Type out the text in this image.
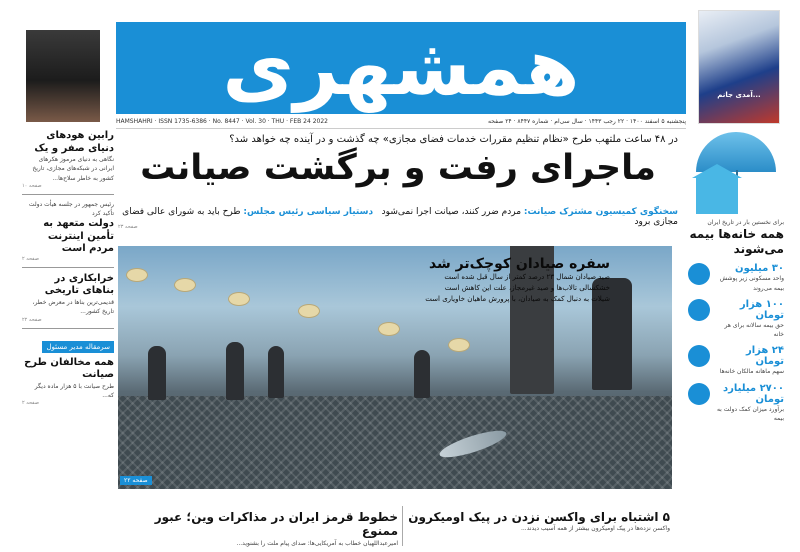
همشهری
HAMSHAHRI · ISSN 1735-6386 · No. 8447 · Vol. 30 · THU · FEB 24 2022	پنجشنبه ۵ اسفند ۱۴۰۰ · ۲۲ رجب ۱۴۴۳ · سال سی‌ام · شماره ۸۴۴۷ · ۲۴ صفحه
آمدی جانم...
رابین هودهای دنیای صفر و یک
نگاهی به دنیای مرموز هکرهای ایرانی در شبکه‌های مجازی، تاریخ کشور به خاطر سلاح‌ها...
صفحه ۱۰
رئیس جمهور در جلسه هیأت دولت تأکید کرد
دولت متعهد به تأمین اینترنت مردم است
صفحه ۲
خرابکاری در بناهای تاریخی
قدیمی‌ترین بناها در معرض خطر، تاریخ کشور...
صفحه ۲۲
سرمقاله مدیر مسئول
همه مخالفان طرح صیانت
طرح صیانت با ۵ هزار ماده دیگر که...
صفحه ۲
در ۴۸ ساعت ملتهب طرح «نظام تنظیم مقررات خدمات فضای مجازی» چه گذشت و در آینده چه خواهد شد؟
ماجرای رفت و برگشت صیانت
سخنگوی کمیسیون مشترک صیانت: مردم ضرر کنند، صیانت اجرا نمی‌شود   دستیار سیاسی رئیس مجلس: طرح باید به شورای عالی فضای مجازی برود
صفحه ۲۳
سفره صیادان کوچک‌تر شد
صید صیادان شمال ۲۳ درصد کمتر از سال قبل شده است
خشکسالی تالاب‌ها و صید غیرمجاز، علت این کاهش است
شیلات به دنبال کمک به صیادان، با پرورش ماهیان خاویاری است
صفحه ۲۲
خطوط قرمز ایران در مذاکرات وین؛ عبور ممنوع
امیرعبداللهیان خطاب به آمریکایی‌ها: صدای پیام ملت را بشنوید...
۵ اشتباه برای واکسن نزدن در پیک اومیکرون
واکسن نزده‌ها در پیک اومیکرون بیشتر از همه آسیب دیدند...
برای نخستین بار در تاریخ ایران
همه خانه‌ها بیمه می‌شوند
۳۰ میلیون
واحد مسکونی زیر پوشش بیمه می‌روند
۱۰۰ هزار تومان
حق بیمه سالانه برای هر خانه
۲۴ هزار تومان
سهم ماهانه مالکان خانه‌ها
۲۷۰۰ میلیارد تومان
برآورد میزان کمک دولت به بیمه
